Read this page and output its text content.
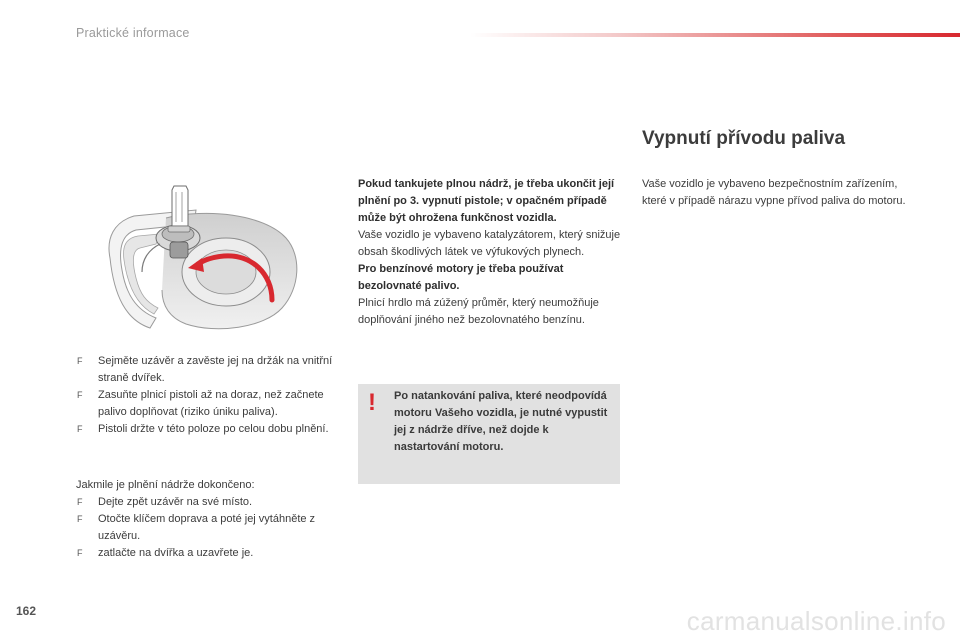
Praktické informace
F Sejměte uzávěr a zavěste jej na držák na vnitřní straně dvířek.
F Zasuňte plnicí pistoli až na doraz, než začnete palivo doplňovat (riziko úniku paliva).
F Pistoli držte v této poloze po celou dobu plnění.
Jakmile je plnění nádrže dokončeno:
F Dejte zpět uzávěr na své místo.
F Otočte klíčem doprava a poté jej vytáhněte z uzávěru.
F zatlačte na dvířka a uzavřete je.

Pokud tankujete plnou nádrž, je třeba ukončit její plnění po 3. vypnutí pistole; v opačném případě může být ohrožena funkčnost vozidla.

Vaše vozidlo je vybaveno katalyzátorem, který snižuje obsah škodlivých látek ve výfukových plynech.

Pro benzínové motory je třeba používat bezolovnaté palivo.

Plnicí hrdlo má zúžený průměr, který neumožňuje doplňování jiného než bezolovnatého benzínu.

! Po natankování paliva, které neodpovídá motoru Vašeho vozidla, je nutné vypustit jej z nádrže dříve, než dojde k nastartování motoru.
Vypnutí přívodu paliva

Vaše vozidlo je vybaveno bezpečnostním zařízením, které v případě nárazu vypne přívod paliva do motoru.

162	carmanualsonline.info
